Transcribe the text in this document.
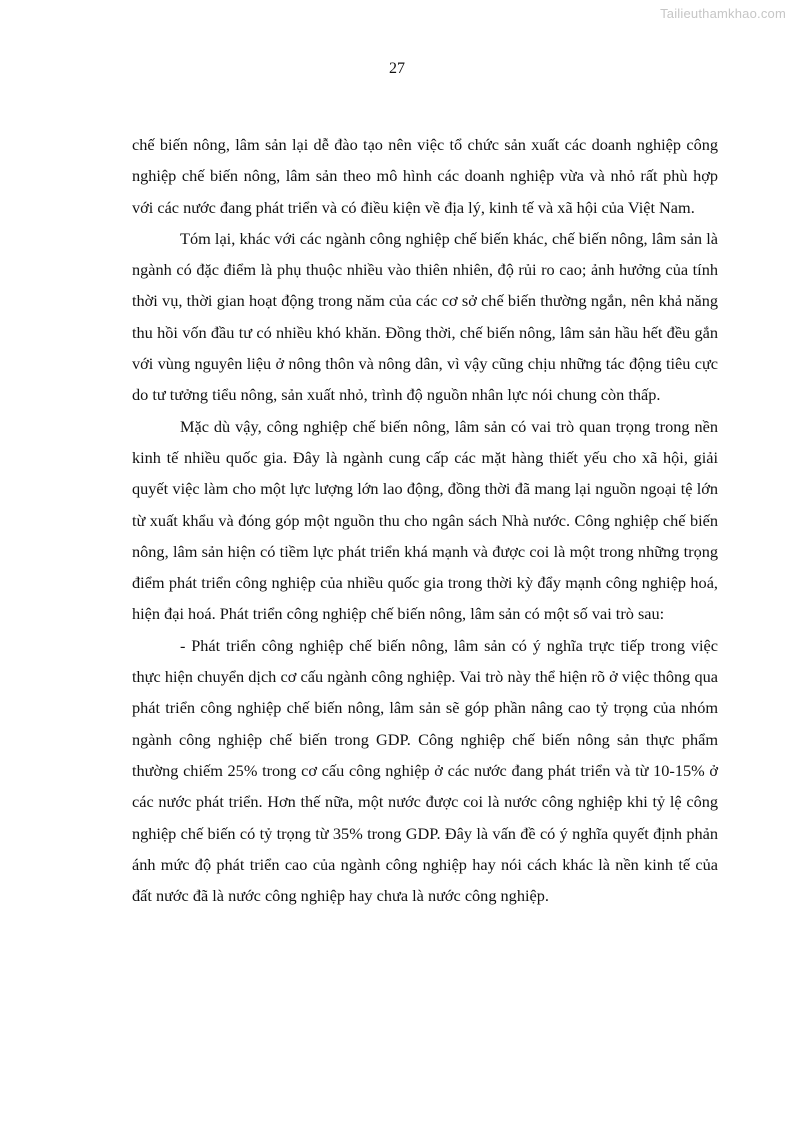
Tailieuthamkhao.com
27

chế biến nông, lâm sản lại dễ đào tạo nên việc tổ chức sản xuất các doanh nghiệp công nghiệp chế biến nông, lâm sản theo mô hình các doanh nghiệp vừa và nhỏ rất phù hợp với các nước đang phát triển và có điều kiện về địa lý, kinh tế và xã hội của Việt Nam.

Tóm lại, khác với các ngành công nghiệp chế biến khác, chế biến nông, lâm sản là ngành có đặc điểm là phụ thuộc nhiều vào thiên nhiên, độ rủi ro cao; ảnh hưởng của tính thời vụ, thời gian hoạt động trong năm của các cơ sở chế biến thường ngắn, nên khả năng thu hồi vốn đầu tư có nhiều khó khăn. Đồng thời, chế biến nông, lâm sản hầu hết đều gắn với vùng nguyên liệu ở nông thôn và nông dân, vì vậy cũng chịu những tác động tiêu cực do tư tưởng tiểu nông, sản xuất nhỏ, trình độ nguồn nhân lực nói chung còn thấp.

Mặc dù vậy, công nghiệp chế biến nông, lâm sản có vai trò quan trọng trong nền kinh tế nhiều quốc gia. Đây là ngành cung cấp các mặt hàng thiết yếu cho xã hội, giải quyết việc làm cho một lực lượng lớn lao động, đồng thời đã mang lại nguồn ngoại tệ lớn từ xuất khẩu và đóng góp một nguồn thu cho ngân sách Nhà nước. Công nghiệp chế biến nông, lâm sản hiện có tiềm lực phát triển khá mạnh và được coi là một trong những trọng điểm phát triển công nghiệp của nhiều quốc gia trong thời kỳ đẩy mạnh công nghiệp hoá, hiện đại hoá. Phát triển công nghiệp chế biến nông, lâm sản có một số vai trò sau:

- Phát triển công nghiệp chế biến nông, lâm sản có ý nghĩa trực tiếp trong việc thực hiện chuyển dịch cơ cấu ngành công nghiệp. Vai trò này thể hiện rõ ở việc thông qua phát triển công nghiệp chế biến nông, lâm sản sẽ góp phần nâng cao tỷ trọng của nhóm ngành công nghiệp chế biến trong GDP. Công nghiệp chế biến nông sản thực phẩm thường chiếm 25% trong cơ cấu công nghiệp ở các nước đang phát triển và từ 10-15% ở các nước phát triển. Hơn thế nữa, một nước được coi là nước công nghiệp khi tỷ lệ công nghiệp chế biến có tỷ trọng từ 35% trong GDP. Đây là vấn đề có ý nghĩa quyết định phản ánh mức độ phát triển cao của ngành công nghiệp hay nói cách khác là nền kinh tế của đất nước đã là nước công nghiệp hay chưa là nước công nghiệp.
